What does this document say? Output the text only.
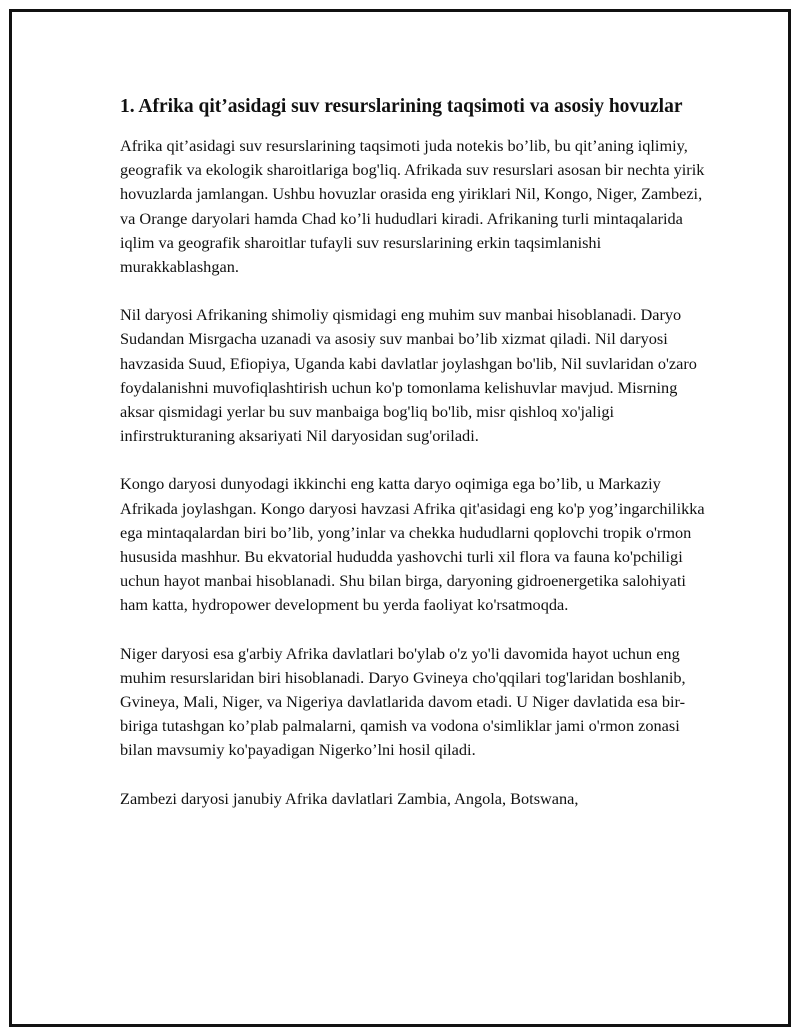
1. Afrika qit’asidagi suv resurslarining taqsimoti va asosiy hovuzlar

Afrika qit’asidagi suv resurslarining taqsimoti juda notekis bo’lib, bu qit’aning iqlimiy, geografik va ekologik sharoitlariga bog'liq. Afrikada suv resurslari asosan bir nechta yirik hovuzlarda jamlangan. Ushbu hovuzlar orasida eng yiriklari Nil, Kongo, Niger, Zambezi, va Orange daryolari hamda Chad ko’li hududlari kiradi. Afrikaning turli mintaqalarida iqlim va geografik sharoitlar tufayli suv resurslarining erkin taqsimlanishi murakkablashgan.

Nil daryosi Afrikaning shimoliy qismidagi eng muhim suv manbai hisoblanadi. Daryo Sudandan Misrgacha uzanadi va asosiy suv manbai bo’lib xizmat qiladi. Nil daryosi havzasida Suud, Efiopiya, Uganda kabi davlatlar joylashgan bo'lib, Nil suvlaridan o'zaro foydalanishni muvofiqlashtirish uchun ko'p tomonlama kelishuvlar mavjud. Misrning aksar qismidagi yerlar bu suv manbaiga bog'liq bo'lib, misr qishloq xo'jaligi infirstrukturaning aksariyati Nil daryosidan sug'oriladi.

Kongo daryosi dunyodagi ikkinchi eng katta daryo oqimiga ega bo’lib, u Markaziy Afrikada joylashgan. Kongo daryosi havzasi Afrika qit'asidagi eng ko'p yog’ingarchilikka ega mintaqalardan biri bo’lib, yong’inlar va chekka hududlarni qoplovchi tropik o'rmon hususida mashhur. Bu ekvatorial hududda yashovchi turli xil flora va fauna ko'pchiligi uchun hayot manbai hisoblanadi. Shu bilan birga, daryoning gidroenergetika salohiyati ham katta, hydropower development bu yerda faoliyat ko'rsatmoqda.

Niger daryosi esa g'arbiy Afrika davlatlari bo'ylab o'z yo'li davomida hayot uchun eng muhim resurslaridan biri hisoblanadi. Daryo Gvineya cho'qqilari tog'laridan boshlanib, Gvineya, Mali, Niger, va Nigeriya davlatlarida davom etadi. U Niger davlatida esa bir-biriga tutashgan ko’plab palmalarni, qamish va vodona o'simliklar jami o'rmon zonasi bilan mavsumiy ko'payadigan Nigerko’lni hosil qiladi.

Zambezi daryosi janubiy Afrika davlatlari Zambia, Angola, Botswana,
